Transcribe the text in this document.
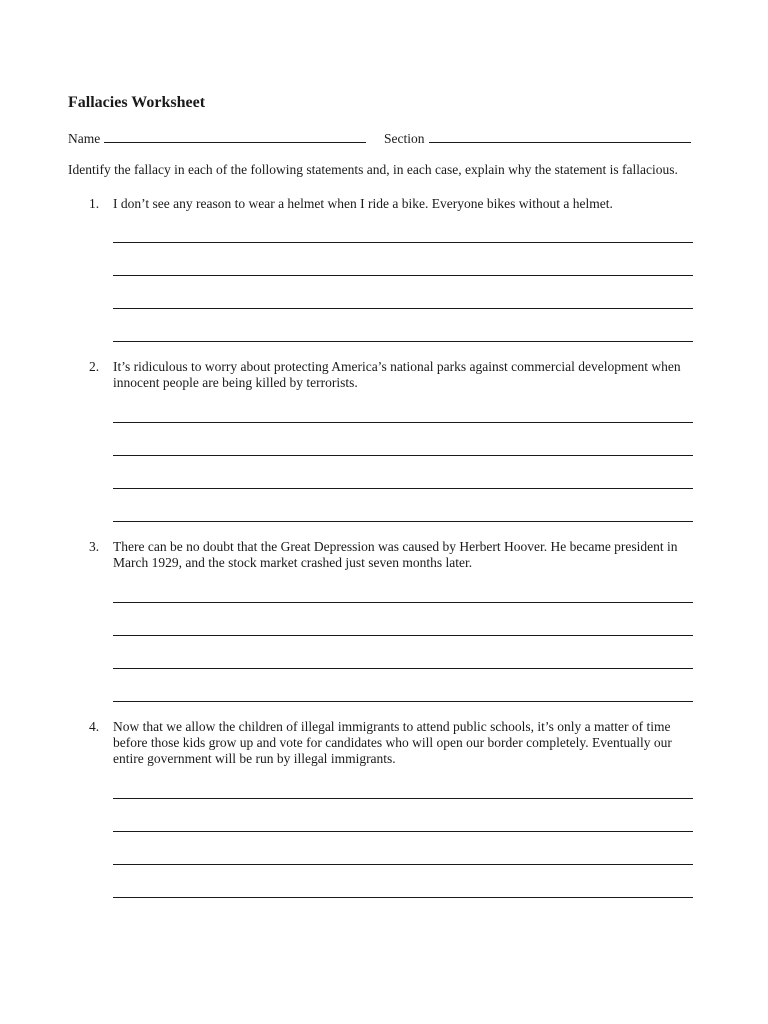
Fallacies Worksheet
Name	Section
Identify the fallacy in each of the following statements and, in each case, explain why the statement is fallacious.
1. I don’t see any reason to wear a helmet when I ride a bike. Everyone bikes without a helmet.
2. It’s ridiculous to worry about protecting America’s national parks against commercial development when
innocent people are being killed by terrorists.
3. There can be no doubt that the Great Depression was caused by Herbert Hoover. He became president in
March 1929, and the stock market crashed just seven months later.
4. Now that we allow the children of illegal immigrants to attend public schools, it’s only a matter of time
before those kids grow up and vote for candidates who will open our border completely. Eventually our
entire government will be run by illegal immigrants.
